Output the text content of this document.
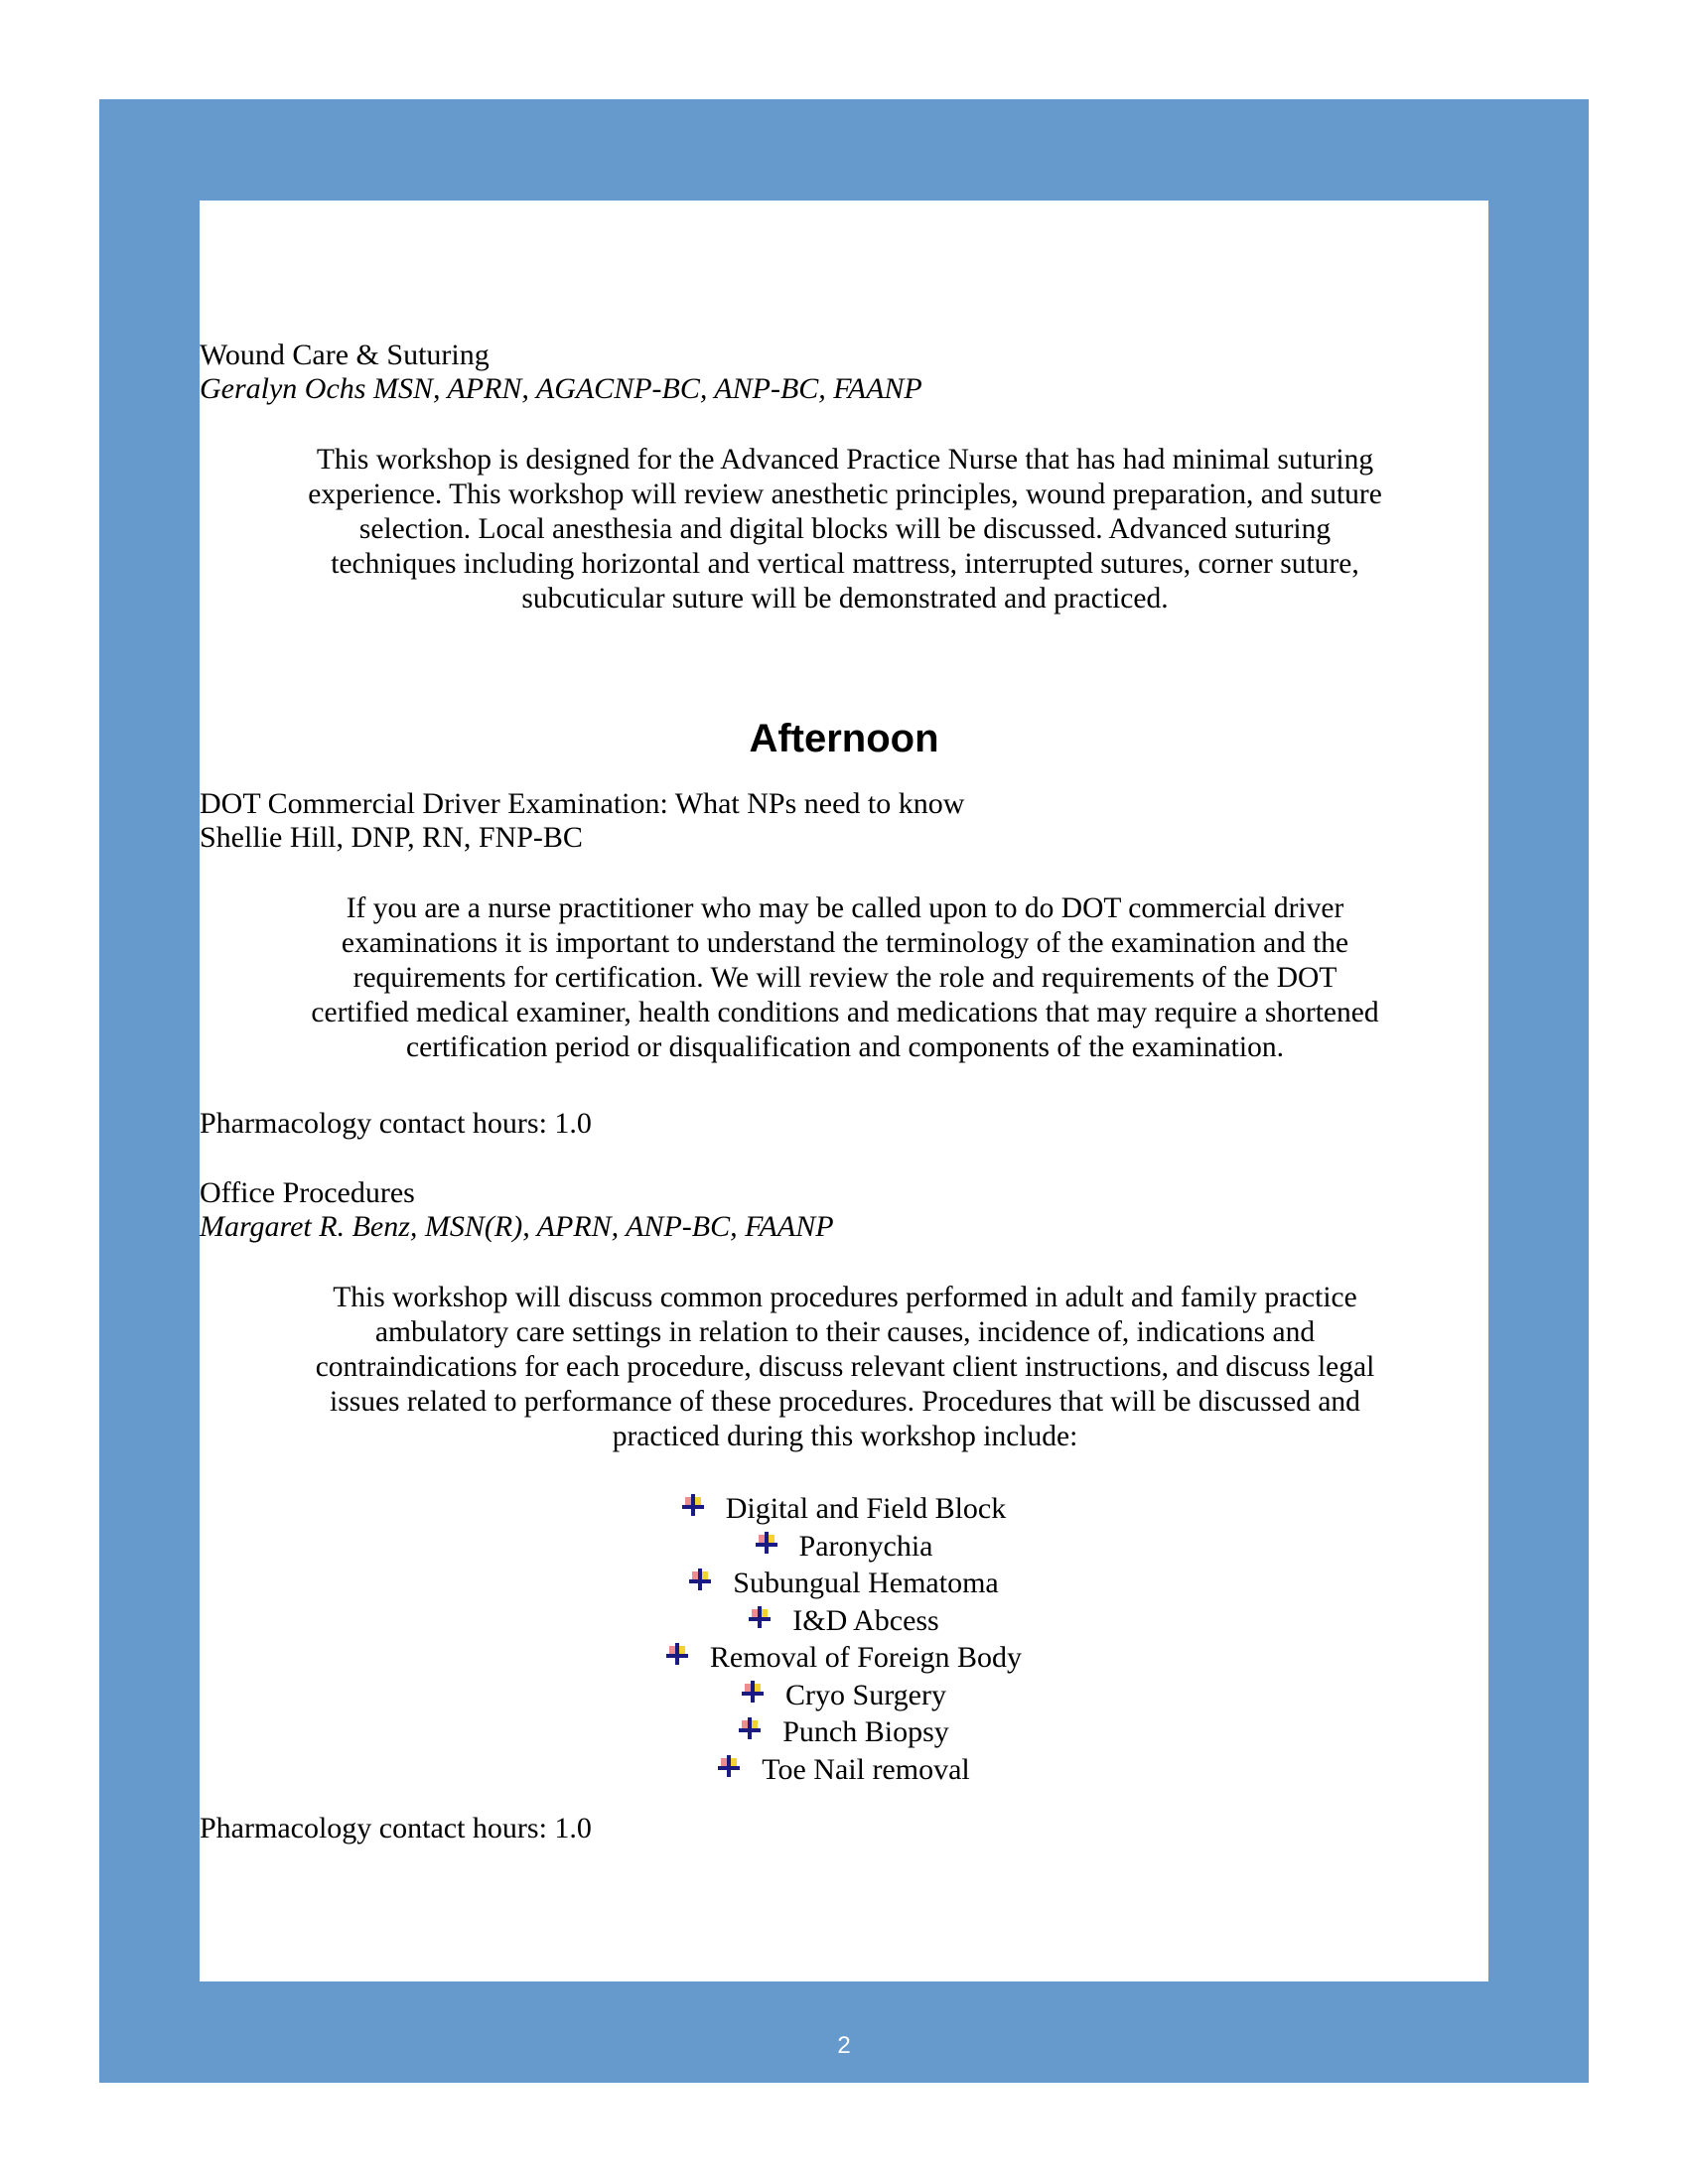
Wound Care & Suturing
Geralyn Ochs MSN, APRN, AGACNP-BC, ANP-BC, FAANP

This workshop is designed for the Advanced Practice Nurse that has had minimal suturing experience. This workshop will review anesthetic principles, wound preparation, and suture selection. Local anesthesia and digital blocks will be discussed. Advanced suturing techniques including horizontal and vertical mattress, interrupted sutures, corner suture, subcuticular suture will be demonstrated and practiced.

Afternoon
DOT Commercial Driver Examination: What NPs need to know
Shellie Hill, DNP, RN, FNP-BC

If you are a nurse practitioner who may be called upon to do DOT commercial driver examinations it is important to understand the terminology of the examination and the requirements for certification. We will review the role and requirements of the DOT certified medical examiner, health conditions and medications that may require a shortened certification period or disqualification and components of the examination.

Pharmacology contact hours: 1.0
Office Procedures
Margaret R. Benz, MSN(R), APRN, ANP-BC, FAANP

This workshop will discuss common procedures performed in adult and family practice ambulatory care settings in relation to their causes, incidence of, indications and contraindications for each procedure, discuss relevant client instructions, and discuss legal issues related to performance of these procedures. Procedures that will be discussed and practiced during this workshop include:

Digital and Field Block
Paronychia
Subungual Hematoma
I&D Abcess
Removal of Foreign Body
Cryo Surgery
Punch Biopsy
Toe Nail removal
Pharmacology contact hours: 1.0
2
